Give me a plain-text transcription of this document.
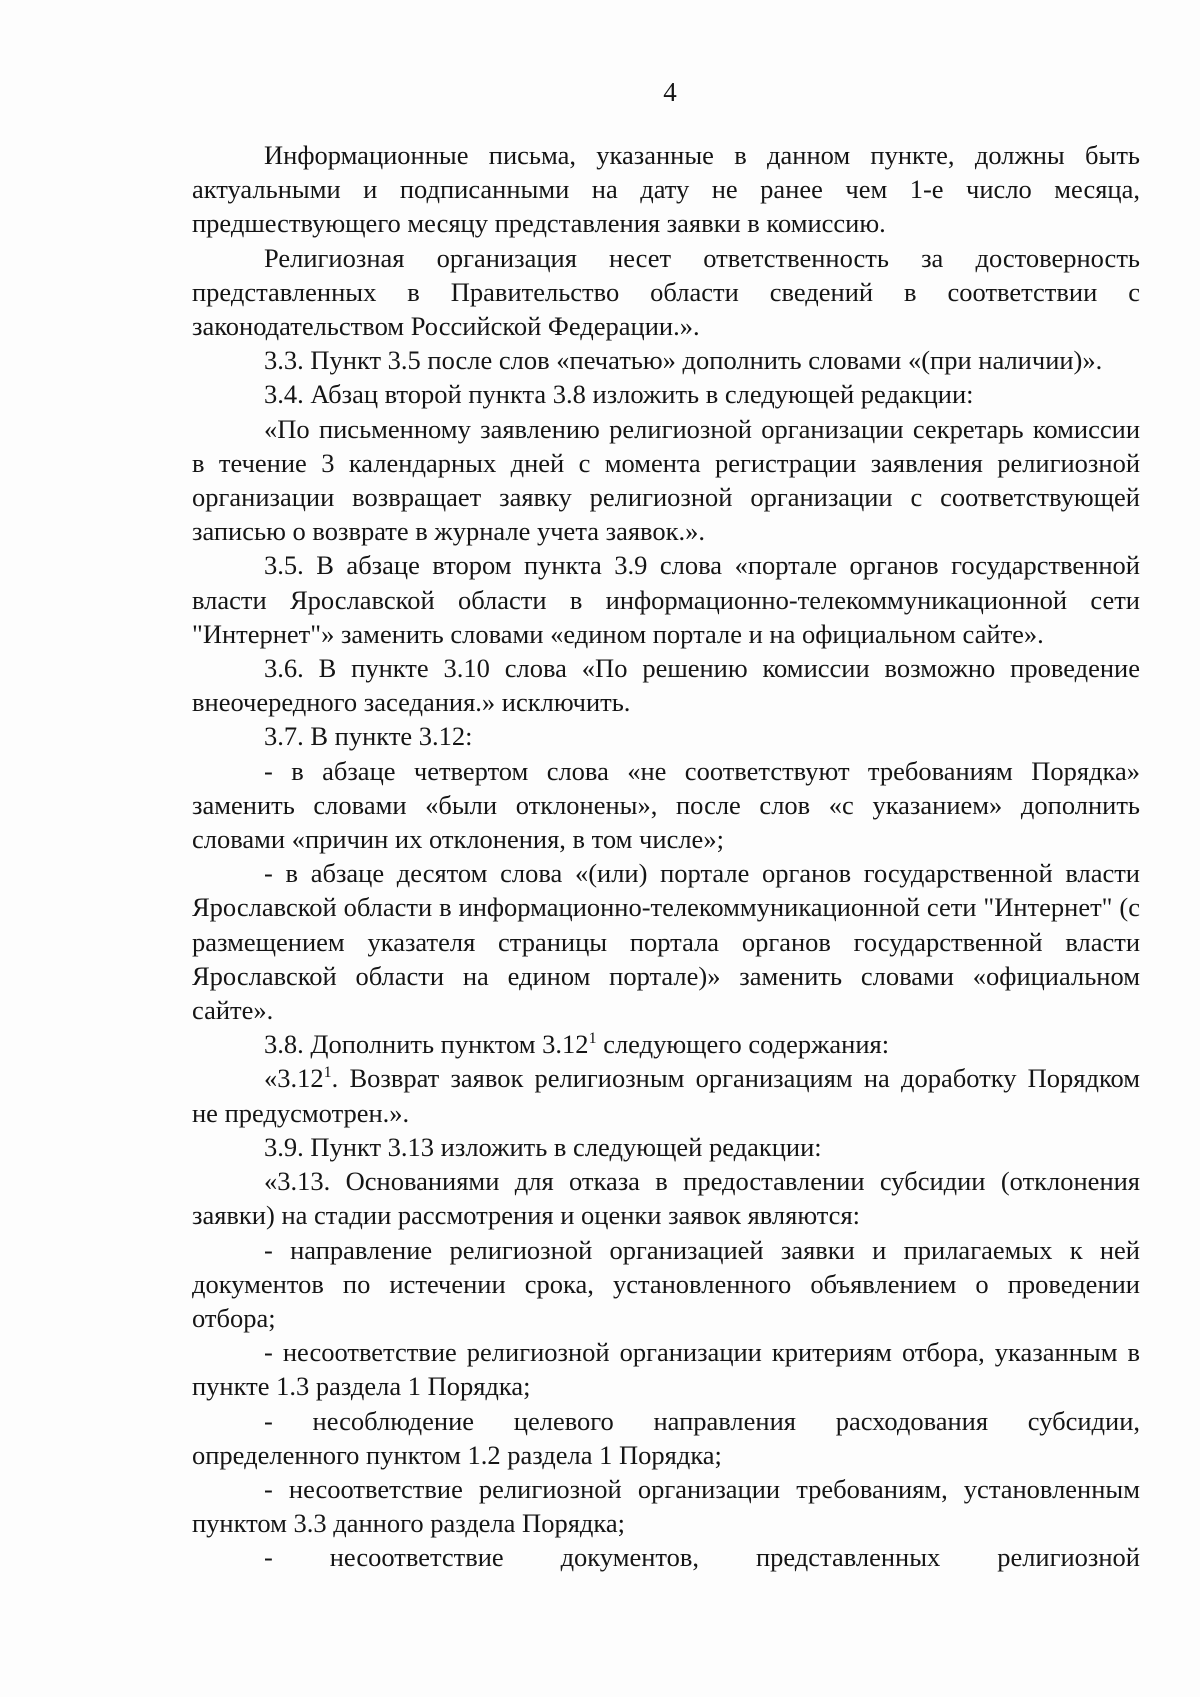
4

Информационные письма, указанные в данном пункте, должны быть актуальными и подписанными на дату не ранее чем 1-е число месяца, предшествующего месяцу представления заявки в комиссию.

Религиозная организация несет ответственность за достоверность представленных в Правительство области сведений в соответствии с законодательством Российской Федерации.».

3.3. Пункт 3.5 после слов «печатью» дополнить словами «(при наличии)».

3.4. Абзац второй пункта 3.8 изложить в следующей редакции:

«По письменному заявлению религиозной организации секретарь комиссии в течение 3 календарных дней с момента регистрации заявления религиозной организации возвращает заявку религиозной организации с соответствующей записью о возврате в журнале учета заявок.».

3.5. В абзаце втором пункта 3.9 слова «портале органов государственной власти Ярославской области в информационно-телекоммуникационной сети "Интернет"» заменить словами «едином портале и на официальном сайте».

3.6. В пункте 3.10 слова «По решению комиссии возможно проведение внеочередного заседания.» исключить.

3.7. В пункте 3.12:

- в абзаце четвертом слова «не соответствуют требованиям Порядка» заменить словами «были отклонены», после слов «с указанием» дополнить словами «причин их отклонения, в том числе»;

- в абзаце десятом слова «(или) портале органов государственной власти Ярославской области в информационно-телекоммуникационной сети "Интернет" (с размещением указателя страницы портала органов государственной власти Ярославской области на едином портале)» заменить словами «официальном сайте».

3.8. Дополнить пунктом 3.12$^1$ следующего содержания:

«3.12$^1$. Возврат заявок религиозным организациям на доработку Порядком не предусмотрен.».

3.9. Пункт 3.13 изложить в следующей редакции:

«3.13. Основаниями для отказа в предоставлении субсидии (отклонения заявки) на стадии рассмотрения и оценки заявок являются:

- направление религиозной организацией заявки и прилагаемых к ней документов по истечении срока, установленного объявлением о проведении отбора;

- несоответствие религиозной организации критериям отбора, указанным в пункте 1.3 раздела 1 Порядка;

- несоблюдение целевого направления расходования субсидии, определенного пунктом 1.2 раздела 1 Порядка;

- несоответствие религиозной организации требованиям, установленным пунктом 3.3 данного раздела Порядка;

- несоответствие документов, представленных религиозной
